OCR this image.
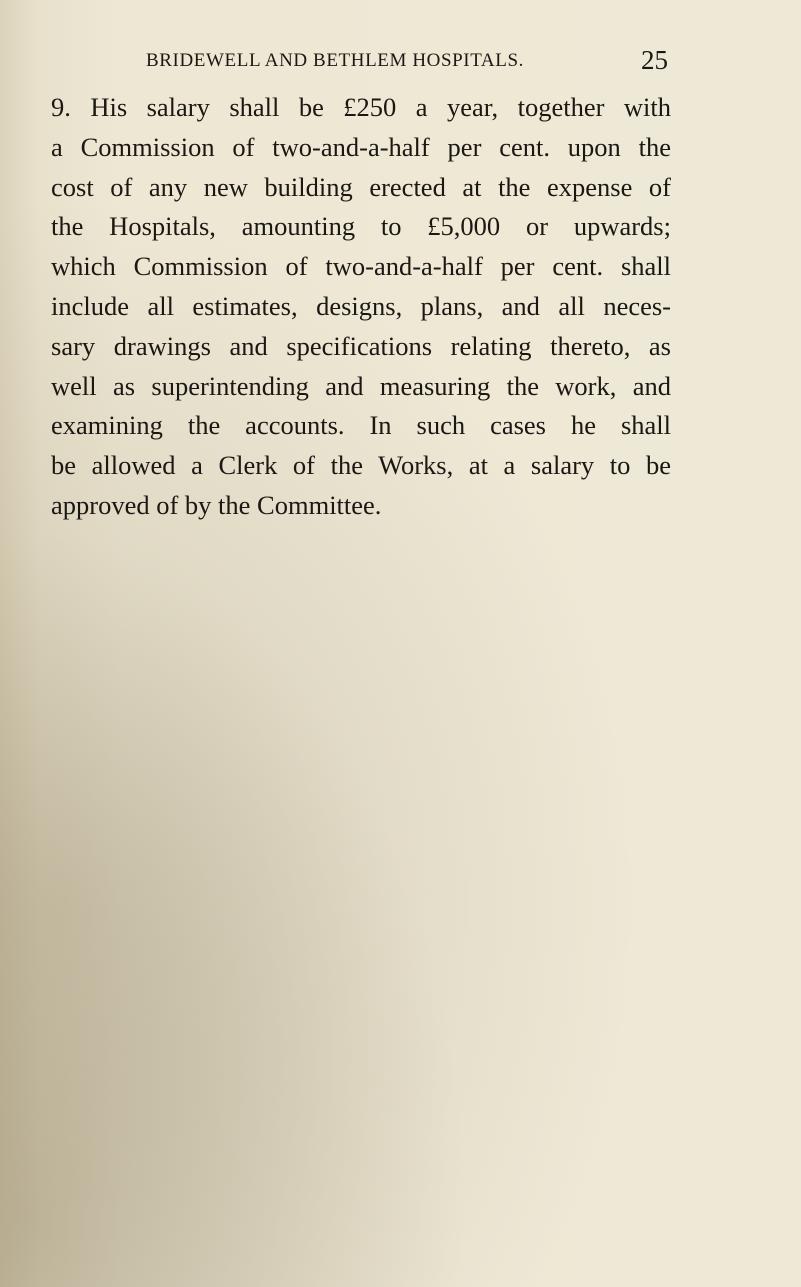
BRIDEWELL AND BETHLEM HOSPITALS.	25
9. His salary shall be £250 a year, together with
a Commission of two-and-a-half per cent. upon the
cost of any new building erected at the expense of
the Hospitals, amounting to £5,000 or upwards;
which Commission of two-and-a-half per cent. shall
include all estimates, designs, plans, and all neces-
sary drawings and specifications relating thereto, as
well as superintending and measuring the work, and
examining the accounts. In such cases he shall
be allowed a Clerk of the Works, at a salary to be
approved of by the Committee.
